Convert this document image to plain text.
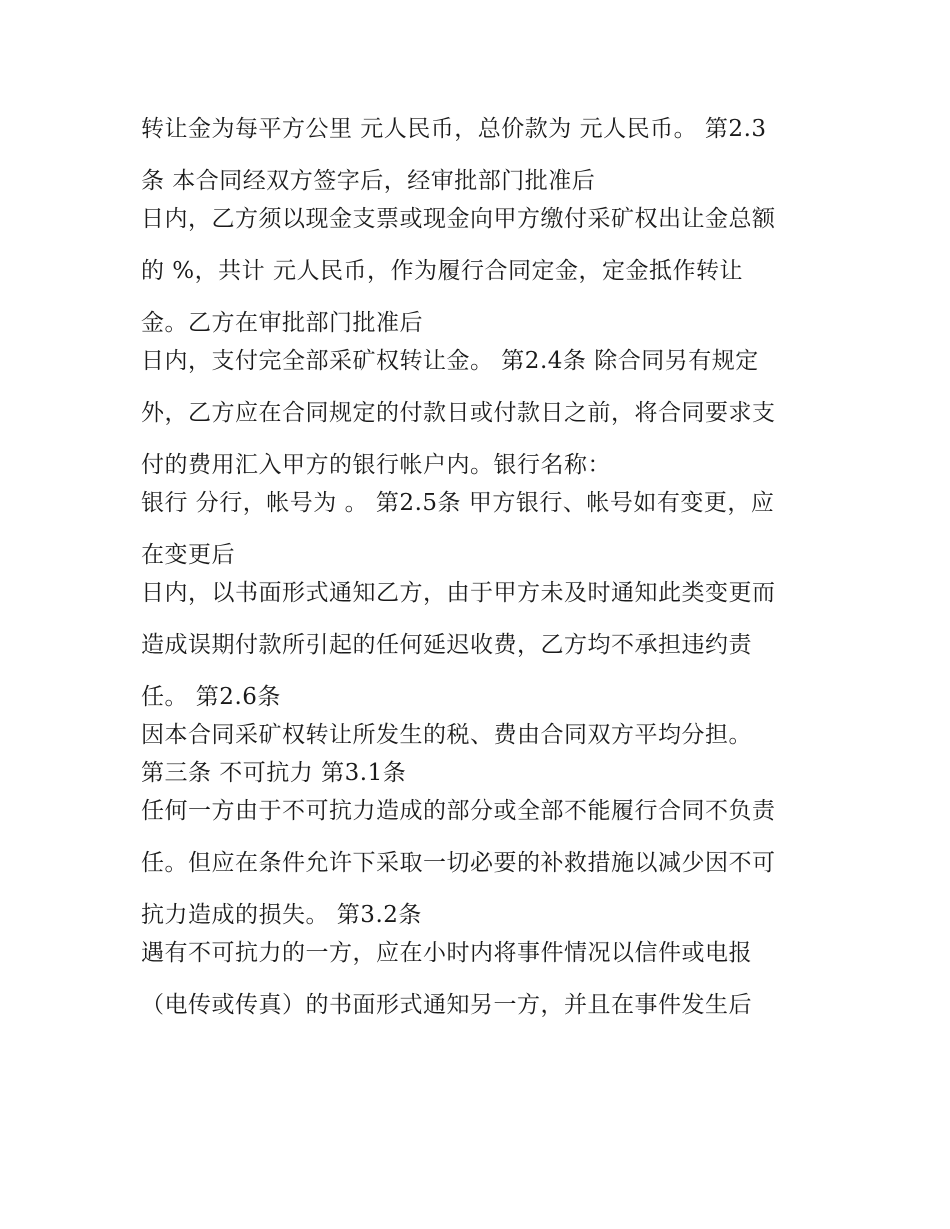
转让金为每平方公里 元人民币，总价款为 元人民币。 第2.3
条 本合同经双方签字后，经审批部门批准后
日内，乙方须以现金支票或现金向甲方缴付采矿权出让金总额
的 %，共计 元人民币，作为履行合同定金，定金抵作转让
金。乙方在审批部门批准后
日内，支付完全部采矿权转让金。 第2.4条 除合同另有规定
外，乙方应在合同规定的付款日或付款日之前，将合同要求支
付的费用汇入甲方的银行帐户内。银行名称：
银行 分行，帐号为 。 第2.5条 甲方银行、帐号如有变更，应
在变更后
日内，以书面形式通知乙方，由于甲方未及时通知此类变更而
造成误期付款所引起的任何延迟收费，乙方均不承担违约责
任。 第2.6条
因本合同采矿权转让所发生的税、费由合同双方平均分担。
第三条 不可抗力 第3.1条
任何一方由于不可抗力造成的部分或全部不能履行合同不负责
任。但应在条件允许下采取一切必要的补救措施以减少因不可
抗力造成的损失。 第3.2条
遇有不可抗力的一方，应在小时内将事件情况以信件或电报
（电传或传真）的书面形式通知另一方，并且在事件发生后
